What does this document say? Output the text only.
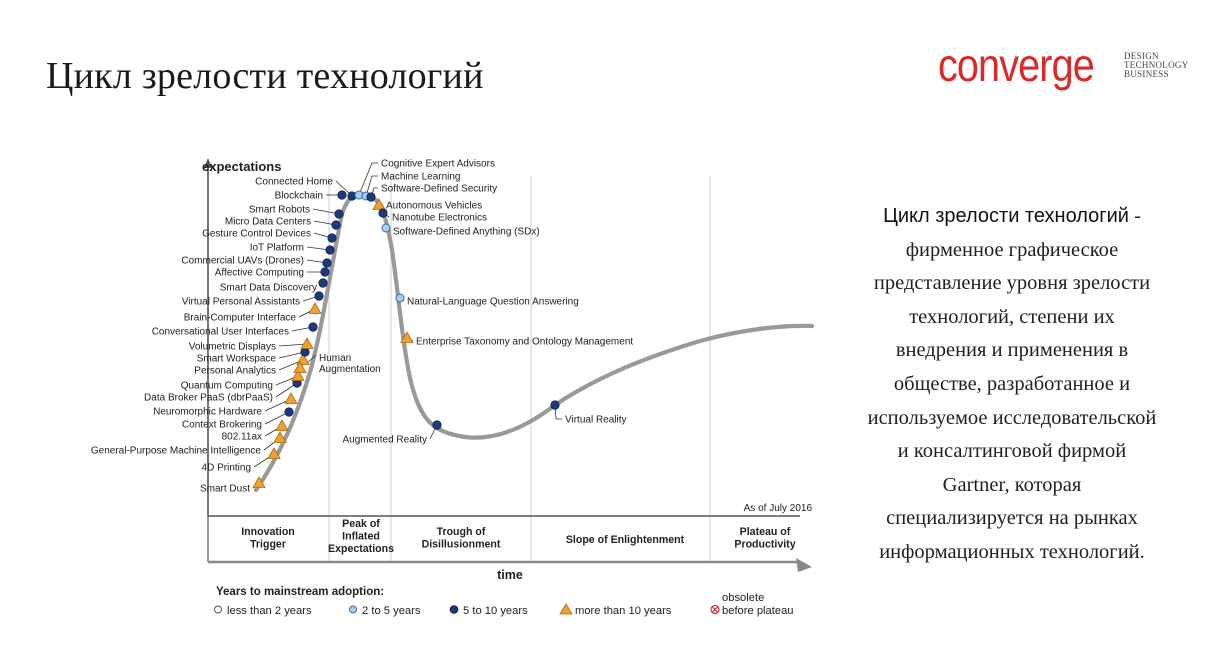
Цикл зрелости технологий	converge	DESIGN
TECHNOLOGY
BUSINESS
expectations
time
As of July 2016
Smart Dust
4D Printing
General-Purpose Machine Intelligence
802.11ax
Context Brokering
Neuromorphic Hardware
Data Broker PaaS (dbrPaaS)
Quantum Computing
Personal Analytics
Smart Workspace
Volumetric Displays
Human
Augmentation
Conversational User Interfaces
Brain-Computer Interface
Virtual Personal Assistants
Smart Data Discovery
Affective Computing
Commercial UAVs (Drones)
IoT Platform
Gesture Control Devices
Micro Data Centers
Smart Robots
Blockchain
Connected Home
Cognitive Expert Advisors
Machine Learning
Software-Defined Security
Autonomous Vehicles
Nanotube Electronics
Software-Defined Anything (SDx)
Natural-Language Question Answering
Enterprise Taxonomy and Ontology Management
Augmented Reality
Virtual Reality
Innovation
Trigger
Peak of
Inflated
Expectations
Trough of
Disillusionment	Slope of Enlightenment
Plateau of
Productivity
Years to mainstream adoption:
less than 2 years	2 to 5 years	5 to 10 years	more than 10 years
obsolete
before plateau
Цикл зрелости технологий - фирменное графическое
представление уровня зрелости
технологий, степени их
внедрения и применения в
обществе, разработанное и
используемое исследовательской
и консалтинговой фирмой
Gartner, которая
специализируется на рынках
информационных технологий.
